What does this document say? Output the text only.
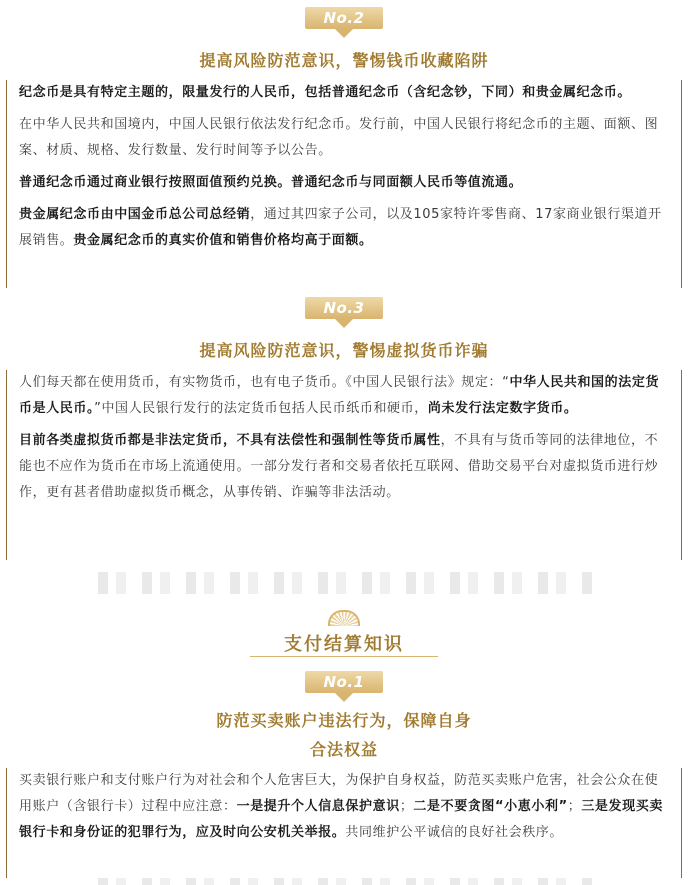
No.2
提高风险防范意识，警惕钱币收藏陷阱

纪念币是具有特定主题的，限量发行的人民币，包括普通纪念币（含纪念钞，下同）和贵金属纪念币。

在中华人民共和国境内，中国人民银行依法发行纪念币。发行前，中国人民银行将纪念币的主题、面额、图案、材质、规格、发行数量、发行时间等予以公告。

普通纪念币通过商业银行按照面值预约兑换。普通纪念币与同面额人民币等值流通。

贵金属纪念币由中国金币总公司总经销，通过其四家子公司，以及105家特许零售商、17家商业银行渠道开展销售。贵金属纪念币的真实价值和销售价格均高于面额。

No.3
提高风险防范意识，警惕虚拟货币诈骗

人们每天都在使用货币，有实物货币，也有电子货币。《中国人民银行法》规定：“中华人民共和国的法定货币是人民币。”中国人民银行发行的法定货币包括人民币纸币和硬币，尚未发行法定数字货币。

目前各类虚拟货币都是非法定货币，不具有法偿性和强制性等货币属性，不具有与货币等同的法律地位，不能也不应作为货币在市场上流通使用。一部分发行者和交易者依托互联网、借助交易平台对虚拟货币进行炒作，更有甚者借助虚拟货币概念，从事传销、诈骗等非法活动。

支付结算知识
No.1
防范买卖账户违法行为，保障自身
合法权益

买卖银行账户和支付账户行为对社会和个人危害巨大，为保护自身权益，防范买卖账户危害，社会公众在使用账户（含银行卡）过程中应注意：一是提升个人信息保护意识；二是不要贪图“小恵小利”；三是发现买卖银行卡和身份证的犯罪行为，应及时向公安机关举报。共同维护公平诚信的良好社会秩序。
